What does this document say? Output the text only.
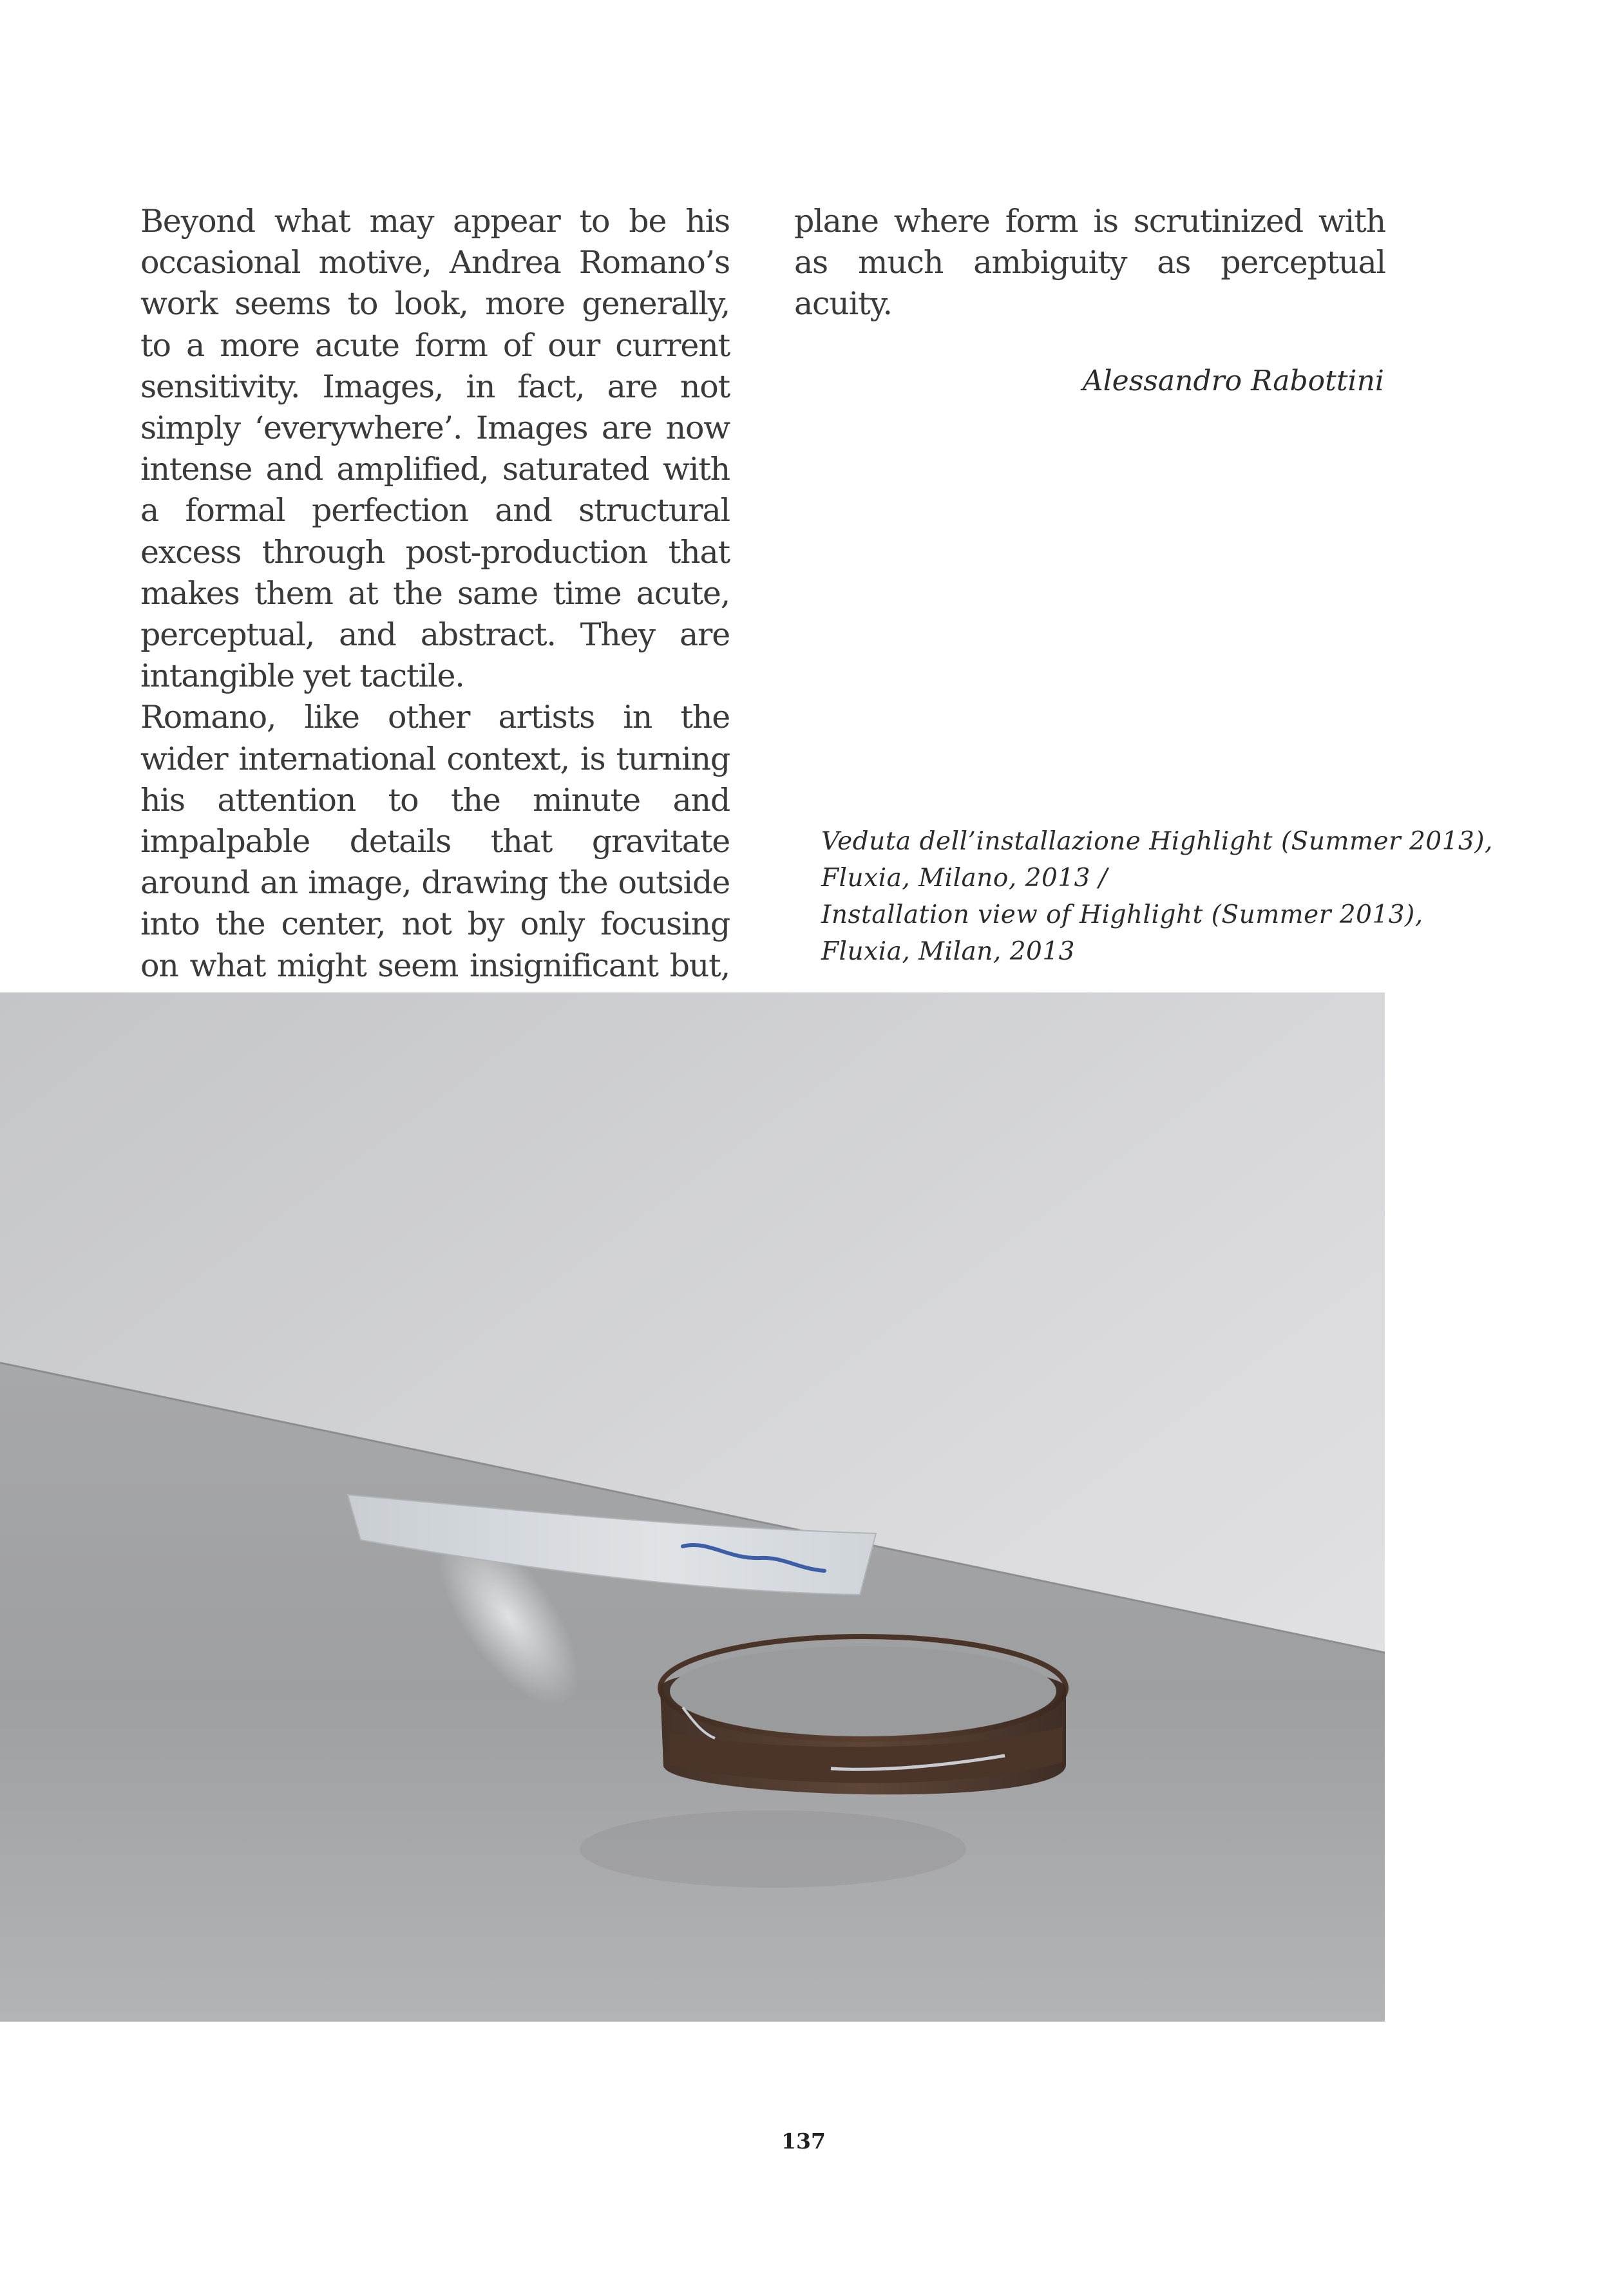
Beyond what may appear to be his occasional motive, Andrea Romano’s work seems to look, more generally, to a more acute form of our current sensitivity. Images, in fact, are not simply ‘everywhere’. Images are now intense and amplified, saturated with a formal perfection and structural excess through post-production that makes them at the same time acute, perceptual, and abstract. They are intangible yet tactile.

Romano, like other artists in the wider international context, is turning his attention to the minute and impalpable details that gravitate around an image, drawing the outside into the center, not by only focusing on what might seem insignificant but,

plane where form is scrutinized with as much ambiguity as perceptual acuity.

Alessandro Rabottini
Veduta dell’installazione Highlight (Summer 2013),
Fluxia, Milano, 2013 /
Installation view of Highlight (Summer 2013),
Fluxia, Milan, 2013
137
